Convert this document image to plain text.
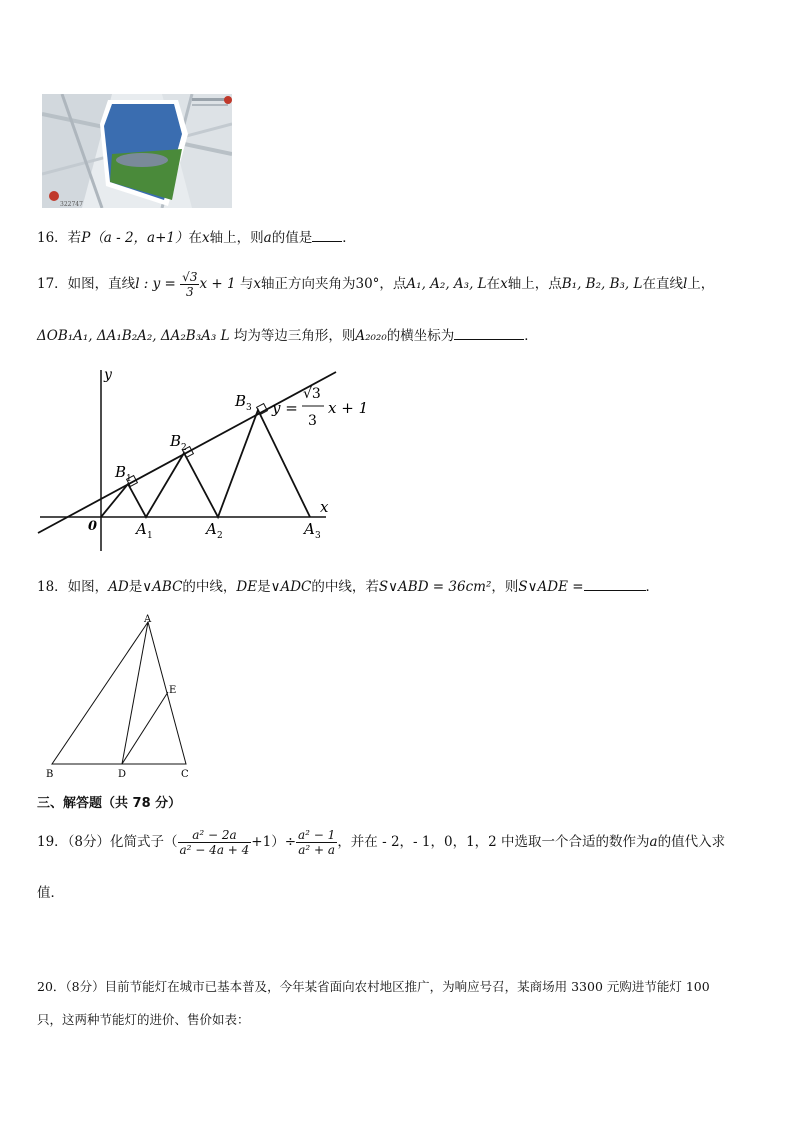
322747
16．若P（a - 2，a+1）在x轴上，则a的值是 ．
17．如图，直线l : $y = \frac{√3}{3}$ x + 1 与x轴正方向夹角为30°，点A₁, A₂, A₃, L在x轴上，点B₁, B₂, B₃, L在直线l上，
ΔOB₁A₁, ΔA₁B₂A₂, ΔA₂B₃A₃ L 均为等边三角形，则A₂₀₂₀的横坐标为	．
y
x
0	A 1	A 2	A 3
B 1
B 2
B 3 y =
√3
3
x + 1
18．如图，AD是∨ABC的中线，DE是∨ADC的中线，若S∨ABD = 36cm²，则S∨ADE =	．
A
B	C
D
E
三、解答题（共 78 分）
19．（8分）化简式子（ $\frac{\text{a² − 2a}}{\text{a² − 4a + 4}} +1)\div \frac{\text{a² − 1}}{\text{a² + a}}$ ，并在 - 2，- 1，0，1，2 中选取一个合适的数作为a的值代入求
值．
20．（8分）目前节能灯在城市已基本普及，今年某省面向农村地区推广，为响应号召，某商场用 3300 元购进节能灯 100
只，这两种节能灯的进价、售价如表：
